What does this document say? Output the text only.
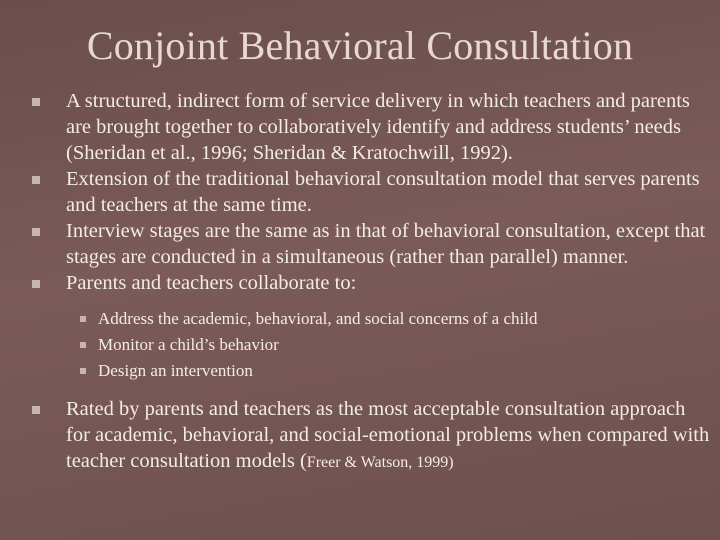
Conjoint Behavioral Consultation
A structured, indirect form of service delivery in which teachers and parents are brought together to collaboratively identify and address students’ needs (Sheridan et al., 1996; Sheridan & Kratochwill, 1992).
Extension of the traditional behavioral consultation model that serves parents and teachers at the same time.
Interview stages are the same as in that of behavioral consultation, except that stages are conducted in a simultaneous (rather than parallel) manner.
Parents and teachers collaborate to:
Address the academic, behavioral, and social concerns of a child
Monitor a child’s behavior
Design an intervention
Rated by parents and teachers as the most acceptable consultation approach for academic, behavioral, and social-emotional problems when compared with teacher consultation models (Freer & Watson, 1999)
